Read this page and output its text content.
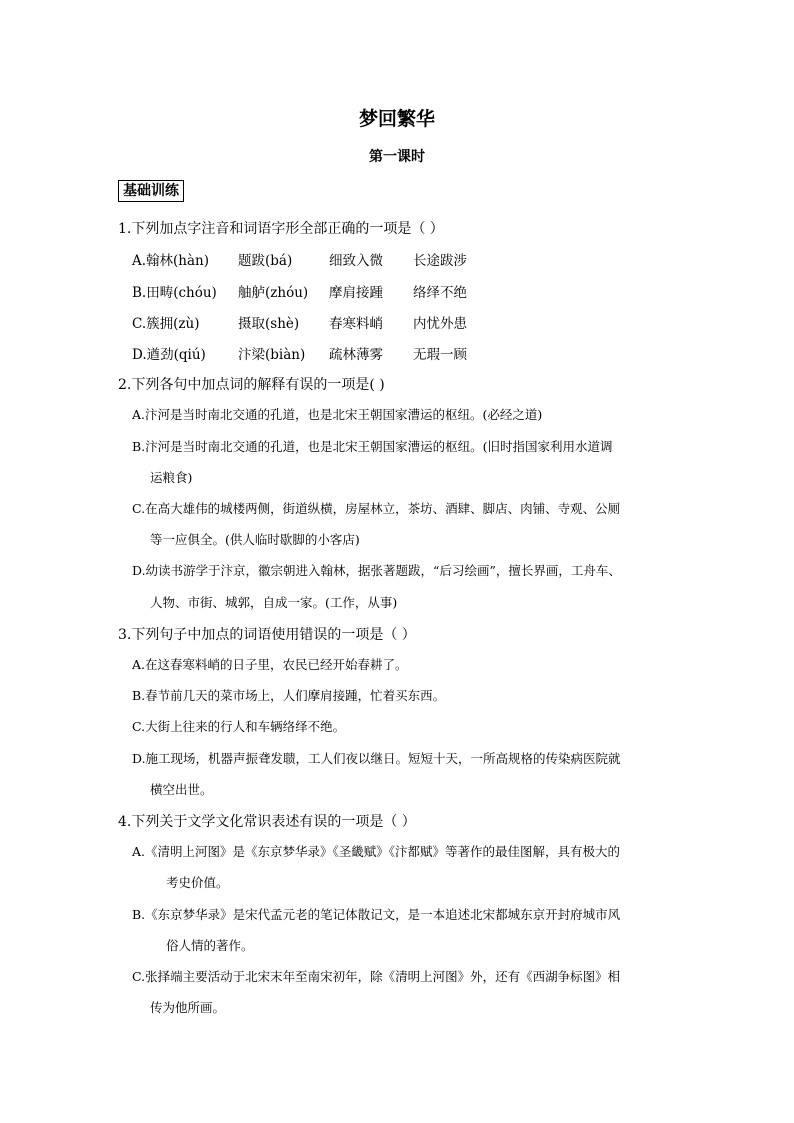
梦回繁华
第一课时
基础训练
1.下列加点字注音和词语字形全部正确的一项是（ ）
A.翰林(hàn) 题跋(bá)	细致入微 长途跋涉
B.田畴(chóu) 舳舻(zhóu) 摩肩接踵 络绎不绝
C.簇拥(zù)	摄取(shè) 春寒料峭 内忧外患
D.遒劲(qiú) 汴梁(biàn) 疏林薄雾 无瑕一顾
2.下列各句中加点词的解释有误的一项是( )
A.汴河是当时南北交通的孔道，也是北宋王朝国家漕运的枢纽。(必经之道)
B.汴河是当时南北交通的孔道，也是北宋王朝国家漕运的枢纽。(旧时指国家利用水道调
运粮食)
C.在高大雄伟的城楼两侧，街道纵横，房屋林立，茶坊、酒肆、脚店、肉铺、寺观、公厕
等一应俱全。(供人临时歇脚的小客店)
D.幼读书游学于汴京，徽宗朝进入翰林，据张著题跋，“后习绘画”，擅长界画，工舟车、
人物、市街、城郭，自成一家。(工作，从事)
3.下列句子中加点的词语使用错误的一项是（ ）
A.在这春寒料峭的日子里，农民已经开始春耕了。
B.春节前几天的菜市场上，人们摩肩接踵，忙着买东西。
C.大街上往来的行人和车辆络绎不绝。
D.施工现场，机器声振聋发聩，工人们夜以继日。短短十天，一所高规格的传染病医院就
横空出世。
4.下列关于文学文化常识表述有误的一项是（ ）
A.《清明上河图》是《东京梦华录》《圣畿赋》《汴都赋》等著作的最佳图解，具有极大的
考史价值。
B.《东京梦华录》是宋代孟元老的笔记体散记文，是一本追述北宋都城东京开封府城市风
俗人情的著作。
C.张择端主要活动于北宋末年至南宋初年，除《清明上河图》外，还有《西湖争标图》相
传为他所画。
